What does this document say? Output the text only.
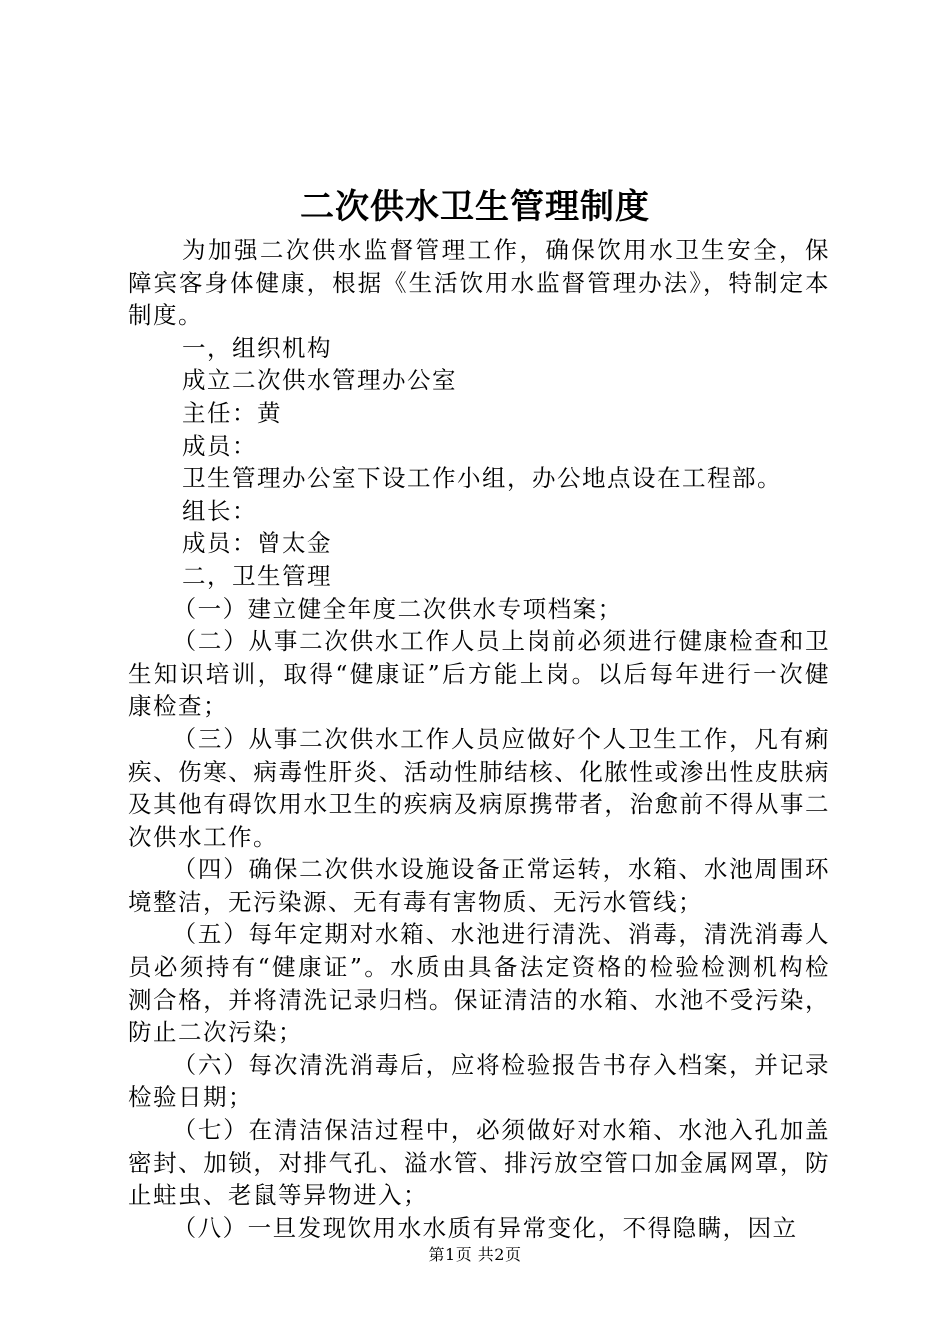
二次供水卫生管理制度

为加强二次供水监督管理工作，确保饮用水卫生安全，保障宾客身体健康，根据《生活饮用水监督管理办法》，特制定本制度。

一，组织机构

成立二次供水管理办公室

主任：黄

成员：

卫生管理办公室下设工作小组，办公地点设在工程部。

组长：

成员：曾太金

二，卫生管理

（一）建立健全年度二次供水专项档案；

（二）从事二次供水工作人员上岗前必须进行健康检查和卫生知识培训，取得“健康证”后方能上岗。以后每年进行一次健康检查；

（三）从事二次供水工作人员应做好个人卫生工作，凡有痢疾、伤寒、病毒性肝炎、活动性肺结核、化脓性或渗出性皮肤病及其他有碍饮用水卫生的疾病及病原携带者，治愈前不得从事二次供水工作。

（四）确保二次供水设施设备正常运转，水箱、水池周围环境整洁，无污染源、无有毒有害物质、无污水管线；

（五）每年定期对水箱、水池进行清洗、消毒，清洗消毒人员必须持有“健康证”。水质由具备法定资格的检验检测机构检测合格，并将清洗记录归档。保证清洁的水箱、水池不受污染，防止二次污染；

（六）每次清洗消毒后，应将检验报告书存入档案，并记录检验日期；

（七）在清洁保洁过程中，必须做好对水箱、水池入孔加盖密封、加锁，对排气孔、溢水管、排污放空管口加金属网罩，防止蛀虫、老鼠等异物进入；

（八）一旦发现饮用水水质有异常变化，不得隐瞒，因立

第1页 共2页
